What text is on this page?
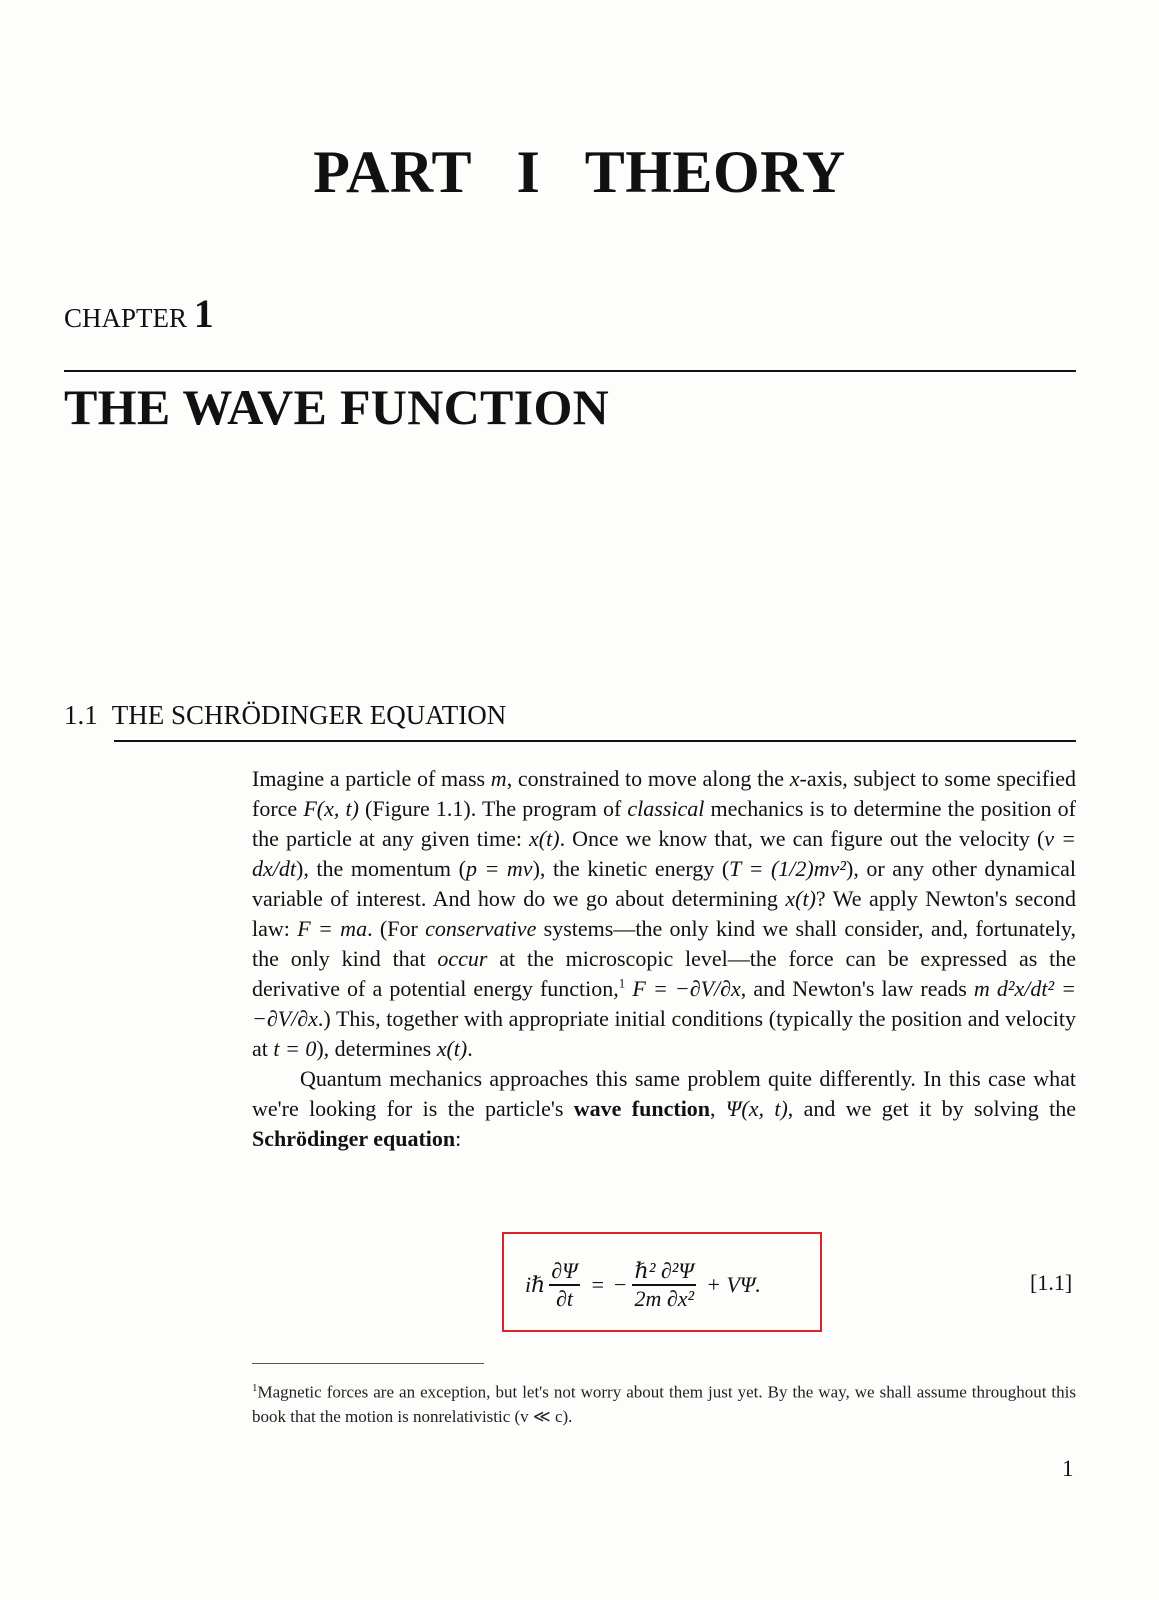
PART I THEORY
CHAPTER 1
THE WAVE FUNCTION
1.1 THE SCHRÖDINGER EQUATION

Imagine a particle of mass m, constrained to move along the x-axis, subject to some specified force F(x, t) (Figure 1.1). The program of classical mechanics is to determine the position of the particle at any given time: x(t). Once we know that, we can figure out the velocity (v = dx/dt), the momentum (p = mv), the kinetic energy (T = (1/2)mv²), or any other dynamical variable of interest. And how do we go about determining x(t)? We apply Newton's second law: F = ma. (For conservative systems—the only kind we shall consider, and, fortunately, the only kind that occur at the microscopic level—the force can be expressed as the derivative of a potential energy function,$^1$ F = −∂V/∂x, and Newton's law reads m d²x/dt² = −∂V/∂x.) This, together with appropriate initial conditions (typically the position and velocity at t = 0), determines x(t).

Quantum mechanics approaches this same problem quite differently. In this case what we're looking for is the particle's wave function, Ψ(x, t), and we get it by solving the Schrödinger equation:

iℏ $\frac{\partial\Psi}{\partial t}$ = − $\frac{\text{ℏ² ∂²Ψ}}{\text{2m ∂x²}} + V\Psi$.	[1.1]
$^1$Magnetic forces are an exception, but let's not worry about them just yet. By the way, we shall assume throughout this book that the motion is nonrelativistic (v ≪ c).
1
